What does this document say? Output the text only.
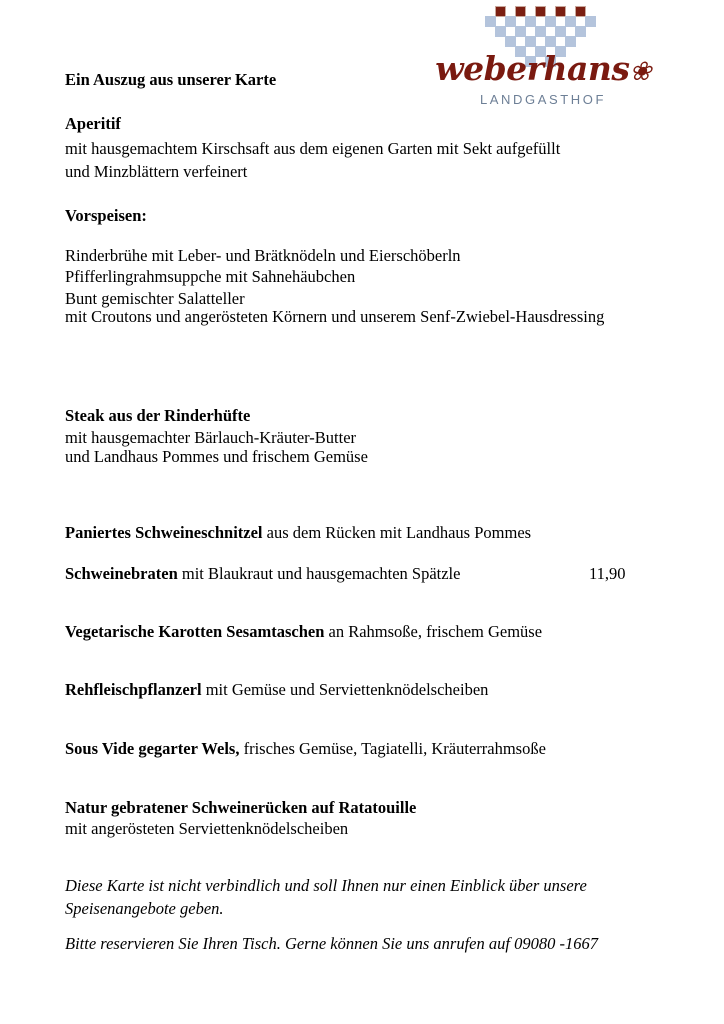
weberhans❀
LANDGASTHOF
Ein Auszug aus unserer Karte
Aperitif
mit hausgemachtem Kirschsaft aus dem eigenen Garten mit Sekt aufgefüllt
und Minzblättern verfeinert
Vorspeisen:
Rinderbrühe mit Leber- und Brätknödeln und Eierschöberln
Pfifferlingrahmsuppche mit Sahnehäubchen
Bunt gemischter Salatteller
mit Croutons und angerösteten Körnern und unserem Senf-Zwiebel-Hausdressing
Steak aus der Rinderhüfte
mit hausgemachter Bärlauch-Kräuter-Butter
und Landhaus Pommes und frischem Gemüse
Paniertes Schweineschnitzel aus dem Rücken mit Landhaus Pommes
Schweinebraten mit Blaukraut und hausgemachten Spätzle	11,90
Vegetarische Karotten Sesamtaschen an Rahmsoße, frischem Gemüse
Rehfleischpflanzerl mit Gemüse und Serviettenknödelscheiben
Sous Vide gegarter Wels, frisches Gemüse, Tagiatelli, Kräuterrahmsoße
Natur gebratener Schweinerücken auf Ratatouille
mit angerösteten Serviettenknödelscheiben
Diese Karte ist nicht verbindlich und soll Ihnen nur einen Einblick über unsere
Speisenangebote geben.
Bitte reservieren Sie Ihren Tisch. Gerne können Sie uns anrufen auf 09080 -1667
